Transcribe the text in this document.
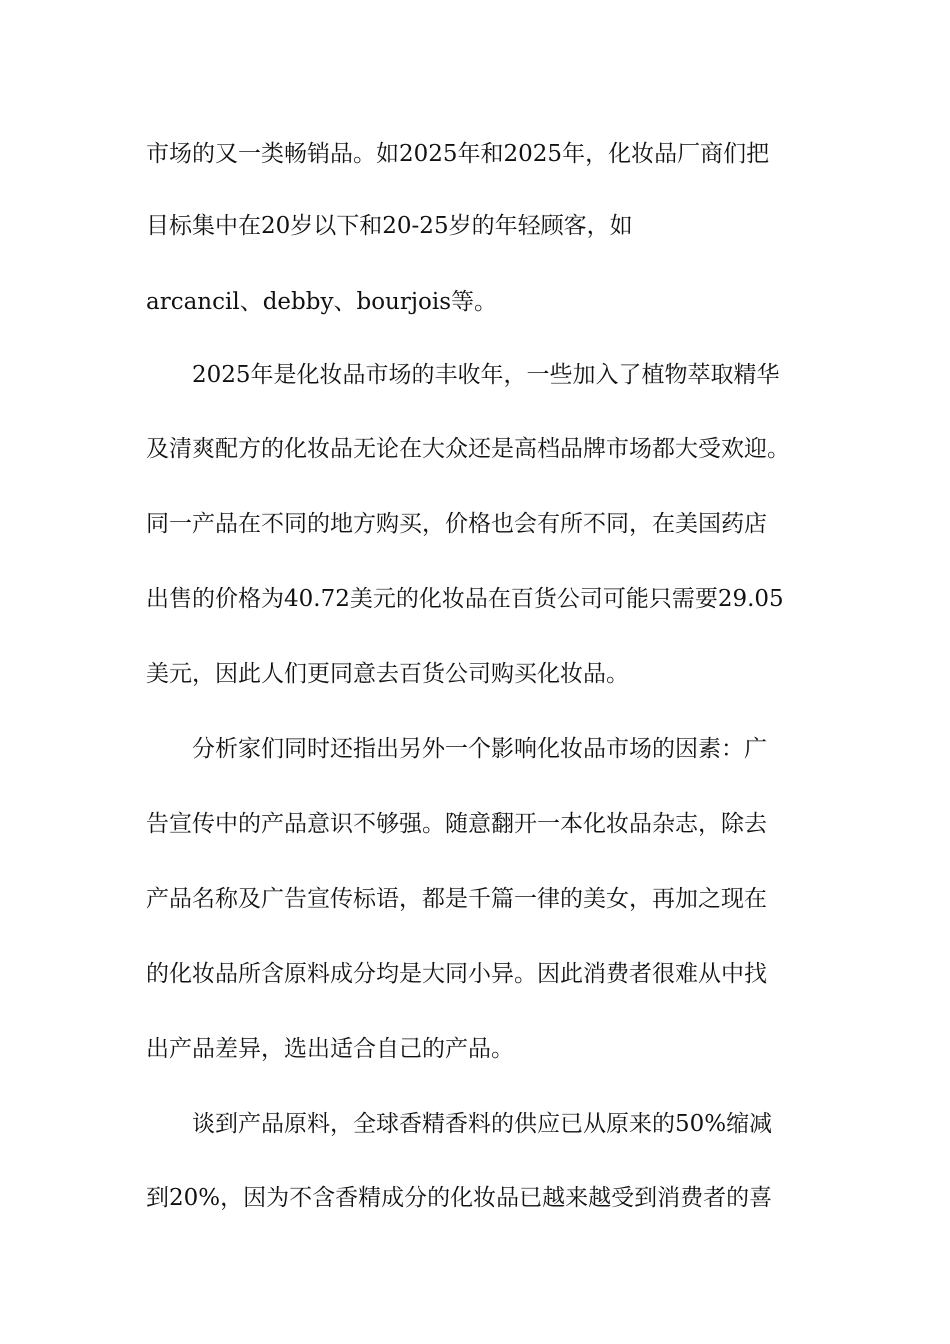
市场的又一类畅销品。如2025年和2025年，化妆品厂商们把
目标集中在20岁以下和20-25岁的年轻顾客，如
arcancil、debby、bourjois等。
2025年是化妆品市场的丰收年，一些加入了植物萃取精华
及清爽配方的化妆品无论在大众还是高档品牌市场都大受欢迎。
同一产品在不同的地方购买，价格也会有所不同，在美国药店
出售的价格为40.72美元的化妆品在百货公司可能只需要29.05
美元，因此人们更同意去百货公司购买化妆品。
分析家们同时还指出另外一个影响化妆品市场的因素：广
告宣传中的产品意识不够强。随意翻开一本化妆品杂志，除去
产品名称及广告宣传标语，都是千篇一律的美女，再加之现在
的化妆品所含原料成分均是大同小异。因此消费者很难从中找
出产品差异，选出适合自己的产品。
谈到产品原料，全球香精香料的供应已从原来的50%缩减
到20%，因为不含香精成分的化妆品已越来越受到消费者的喜
